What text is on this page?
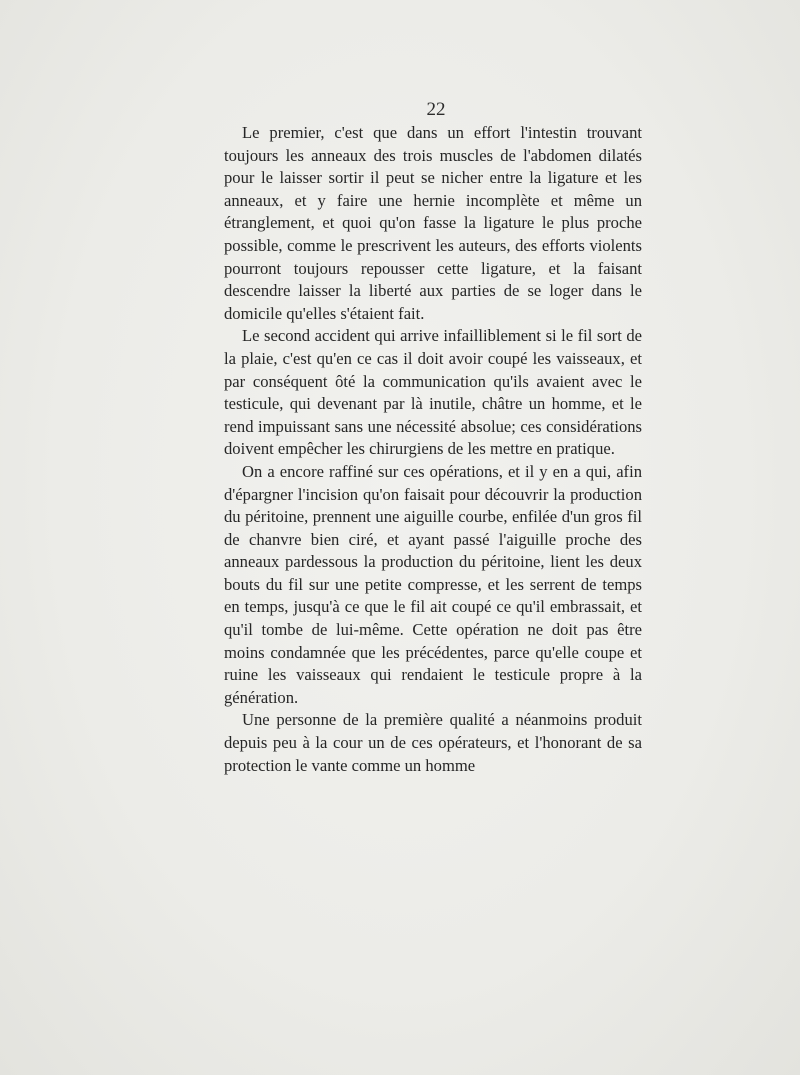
22

Le premier, c'est que dans un effort l'intestin trouvant toujours les anneaux des trois muscles de l'abdomen dilatés pour le laisser sortir il peut se nicher entre la ligature et les anneaux, et y faire une hernie incomplète et même un étranglement, et quoi qu'on fasse la ligature le plus proche possible, comme le prescrivent les auteurs, des efforts violents pourront toujours repousser cette ligature, et la faisant descendre laisser la liberté aux parties de se loger dans le domicile qu'elles s'étaient fait.

Le second accident qui arrive infailliblement si le fil sort de la plaie, c'est qu'en ce cas il doit avoir coupé les vaisseaux, et par conséquent ôté la communication qu'ils avaient avec le testicule, qui devenant par là inutile, châtre un homme, et le rend impuissant sans une nécessité absolue; ces considérations doivent empêcher les chirurgiens de les mettre en pratique.

On a encore raffiné sur ces opérations, et il y en a qui, afin d'épargner l'incision qu'on faisait pour découvrir la production du péritoine, prennent une aiguille courbe, enfilée d'un gros fil de chanvre bien ciré, et ayant passé l'aiguille proche des anneaux pardessous la production du péritoine, lient les deux bouts du fil sur une petite compresse, et les serrent de temps en temps, jusqu'à ce que le fil ait coupé ce qu'il embrassait, et qu'il tombe de lui-même. Cette opération ne doit pas être moins condamnée que les précédentes, parce qu'elle coupe et ruine les vaisseaux qui rendaient le testicule propre à la génération.

Une personne de la première qualité a néanmoins produit depuis peu à la cour un de ces opérateurs, et l'honorant de sa protection le vante comme un homme
